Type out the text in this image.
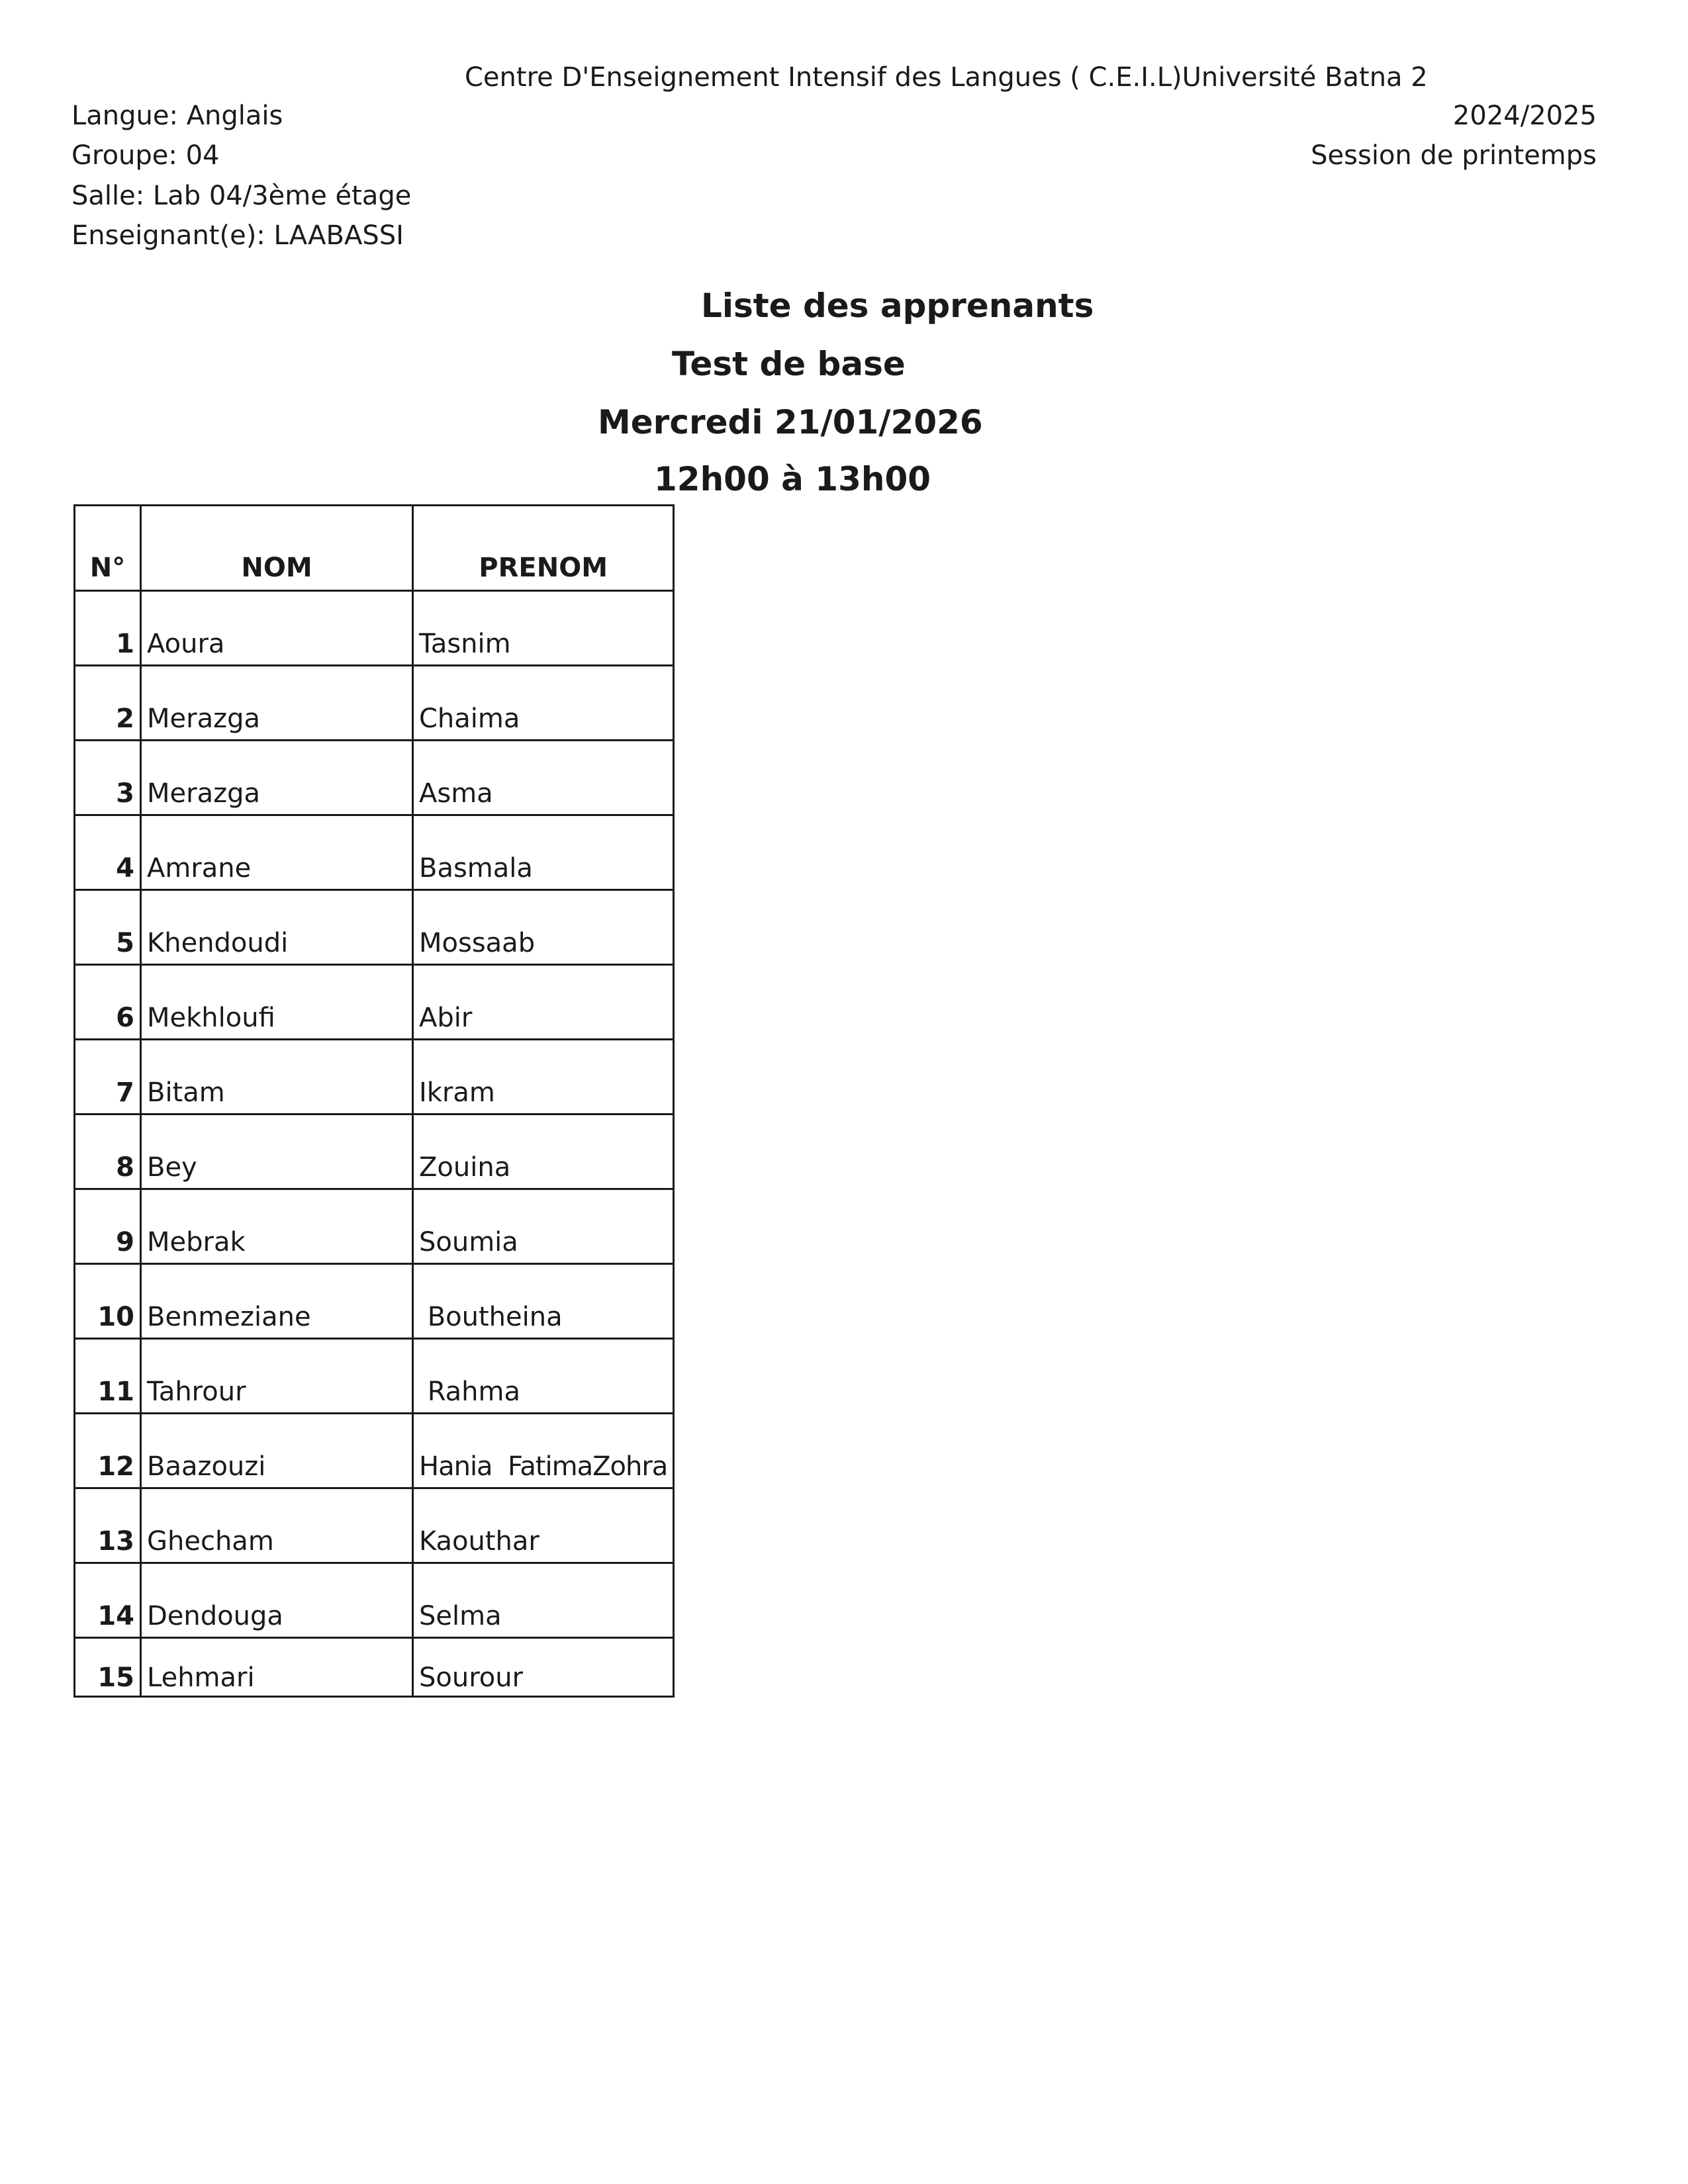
Centre D'Enseignement Intensif des Langues ( C.E.I.L)Université Batna 2
Langue: Anglais
Groupe: 04
Salle: Lab 04/3ème étage
Enseignant(e): LAABASSI
2024/2025
Session de printemps
Liste des apprenants
Test de base
Mercredi 21/01/2026
12h00 à 13h00
N°	NOM	PRENOM
1	Aoura	Tasnim
2	Merazga	Chaima
3	Merazga	Asma
4	Amrane	Basmala
5	Khendoudi	Mossaab
6	Mekhloufi	Abir
7	Bitam	Ikram
8	Bey	Zouina
9	Mebrak	Soumia
10	Benmeziane	Boutheina
11	Tahrour	Rahma
12	Baazouzi	Hania  FatimaZohra
13	Ghecham	Kaouthar
14	Dendouga	Selma
15	Lehmari	Sourour
